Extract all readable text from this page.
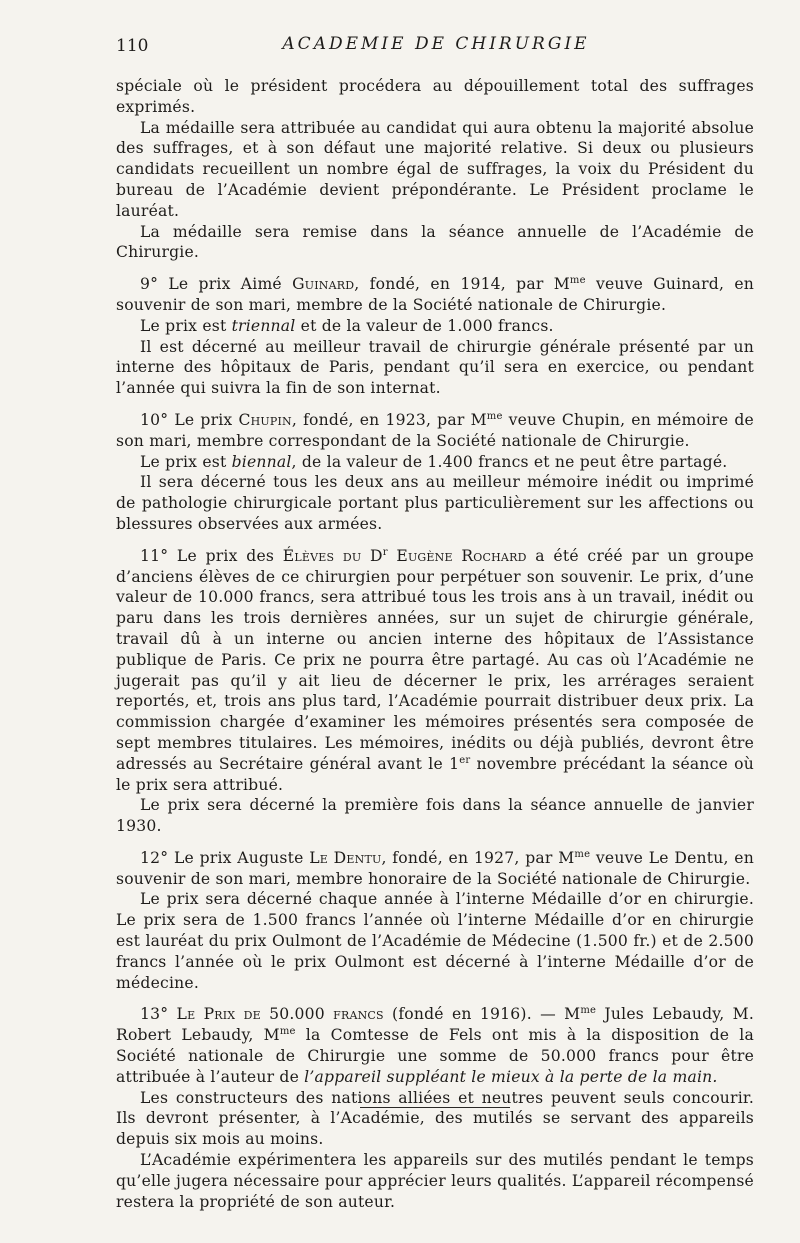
110	ACADEMIE DE CHIRURGIE

spéciale où le président procédera au dépouillement total des suffrages exprimés.

La médaille sera attribuée au candidat qui aura obtenu la majorité absolue des suffrages, et à son défaut une majorité relative. Si deux ou plusieurs candidats recueillent un nombre égal de suffrages, la voix du Président du bureau de l’Académie devient prépondérante. Le Président proclame le lauréat.

La médaille sera remise dans la séance annuelle de l’Académie de Chirurgie.

9° Le prix Aimé Guinard, fondé, en 1914, par $M^{me}$ veuve Guinard, en souvenir de son mari, membre de la Société nationale de Chirurgie.

Le prix est triennal et de la valeur de 1.000 francs.

Il est décerné au meilleur travail de chirurgie générale présenté par un interne des hôpitaux de Paris, pendant qu’il sera en exercice, ou pendant l’année qui suivra la fin de son internat.

10° Le prix Chupin, fondé, en 1923, par $M^{me}$ veuve Chupin, en mémoire de son mari, membre correspondant de la Société nationale de Chirurgie.

Le prix est biennal, de la valeur de 1.400 francs et ne peut être partagé.

Il sera décerné tous les deux ans au meilleur mémoire inédit ou imprimé de pathologie chirurgicale portant plus particulièrement sur les affections ou blessures observées aux armées.

11° Le prix des Élèves du $D^r$ Eugène Rochard a été créé par un groupe d’anciens élèves de ce chirurgien pour perpétuer son souvenir. Le prix, d’une valeur de 10.000 francs, sera attribué tous les trois ans à un travail, inédit ou paru dans les trois dernières années, sur un sujet de chirurgie générale, travail dû à un interne ou ancien interne des hôpitaux de l’Assistance publique de Paris. Ce prix ne pourra être partagé. Au cas où l’Académie ne jugerait pas qu’il y ait lieu de décerner le prix, les arrérages seraient reportés, et, trois ans plus tard, l’Académie pourrait distribuer deux prix. La commission chargée d’examiner les mémoires présentés sera composée de sept membres titulaires. Les mémoires, inédits ou déjà publiés, devront être adressés au Secrétaire général avant le 1er novembre précédant la séance où le prix sera attribué.

Le prix sera décerné la première fois dans la séance annuelle de janvier 1930.

12° Le prix Auguste Le Dentu, fondé, en 1927, par $M^{me}$ veuve Le Dentu, en souvenir de son mari, membre honoraire de la Société nationale de Chirurgie.

Le prix sera décerné chaque année à l’interne Médaille d’or en chirurgie. Le prix sera de 1.500 francs l’année où l’interne Médaille d’or en chirurgie est lauréat du prix Oulmont de l’Académie de Médecine (1.500 fr.) et de 2.500 francs l’année où le prix Oulmont est décerné à l’interne Médaille d’or de médecine.

13° Le Prix de 50.000 francs (fondé en 1916). — $M^{me}$ Jules Lebaudy, M. Robert Lebaudy, $M^{me}$ la Comtesse de Fels ont mis à la disposition de la Société nationale de Chirurgie une somme de 50.000 francs pour être attribuée à l’auteur de l’appareil suppléant le mieux à la perte de la main.

Les constructeurs des nations alliées et neutres peuvent seuls concourir. Ils devront présenter, à l’Académie, des mutilés se servant des appareils depuis six mois au moins.

L’Académie expérimentera les appareils sur des mutilés pendant le temps qu’elle jugera nécessaire pour apprécier leurs qualités. L’appareil récompensé restera la propriété de son auteur.
